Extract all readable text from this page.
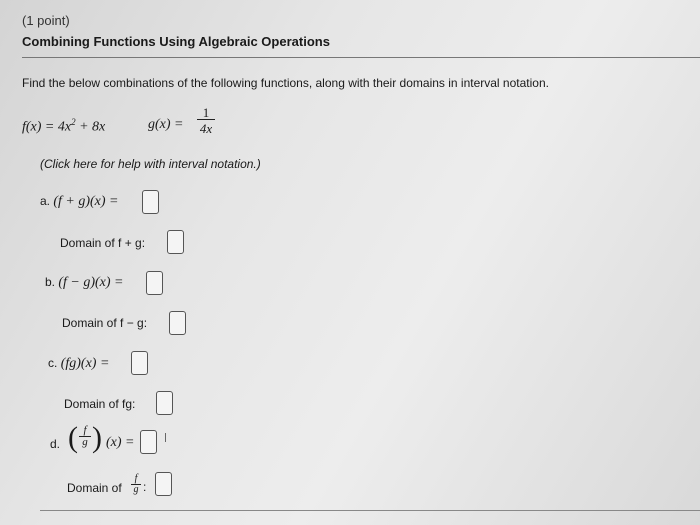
(1 point)
Combining Functions Using Algebraic Operations
Find the below combinations of the following functions, along with their domains in interval notation.
$f(x) = 4x^2 + 8x$	g(x) =
1
4x
(Click here for help with interval notation.)
a. (f + g)(x) =
Domain of f + g:
b. (f − g)(x) =
Domain of f − g:
c. (fg)(x) =
Domain of fg:
d. ( f
g ) (x) =
Domain of
f
g :
